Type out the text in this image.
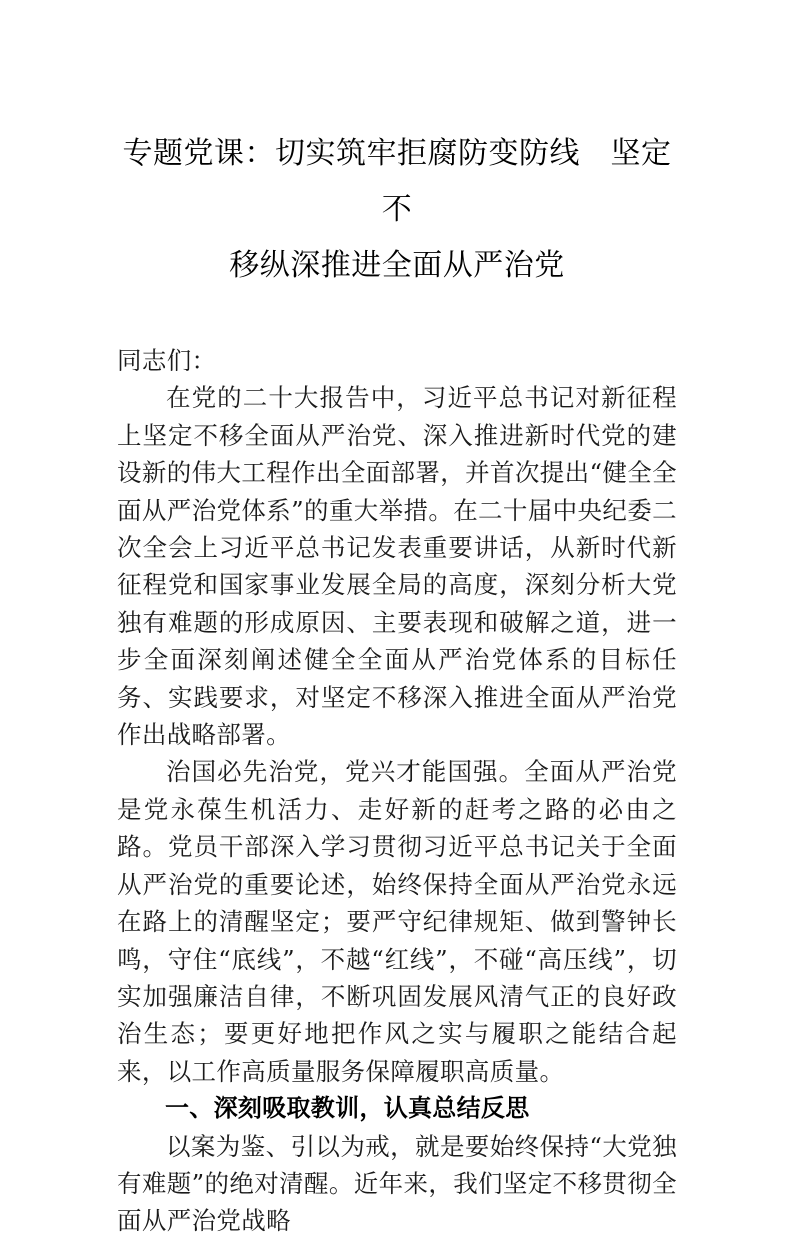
专题党课：切实筑牢拒腐防变防线　坚定不
移纵深推进全面从严治党

同志们：

在党的二十大报告中，习近平总书记对新征程上坚定不移全面从严治党、深入推进新时代党的建设新的伟大工程作出全面部署，并首次提出“健全全面从严治党体系”的重大举措。在二十届中央纪委二次全会上习近平总书记发表重要讲话，从新时代新征程党和国家事业发展全局的高度，深刻分析大党独有难题的形成原因、主要表现和破解之道，进一步全面深刻阐述健全全面从严治党体系的目标任务、实践要求，对坚定不移深入推进全面从严治党作出战略部署。

治国必先治党，党兴才能国强。全面从严治党是党永葆生机活力、走好新的赶考之路的必由之路。党员干部深入学习贯彻习近平总书记关于全面从严治党的重要论述，始终保持全面从严治党永远在路上的清醒坚定；要严守纪律规矩、做到警钟长鸣，守住“底线”，不越“红线”，不碰“高压线”，切实加强廉洁自律，不断巩固发展风清气正的良好政治生态；要更好地把作风之实与履职之能结合起来，以工作高质量服务保障履职高质量。

一、深刻吸取教训，认真总结反思

以案为鉴、引以为戒，就是要始终保持“大党独有难题”的绝对清醒。近年来，我们坚定不移贯彻全面从严治党战略
